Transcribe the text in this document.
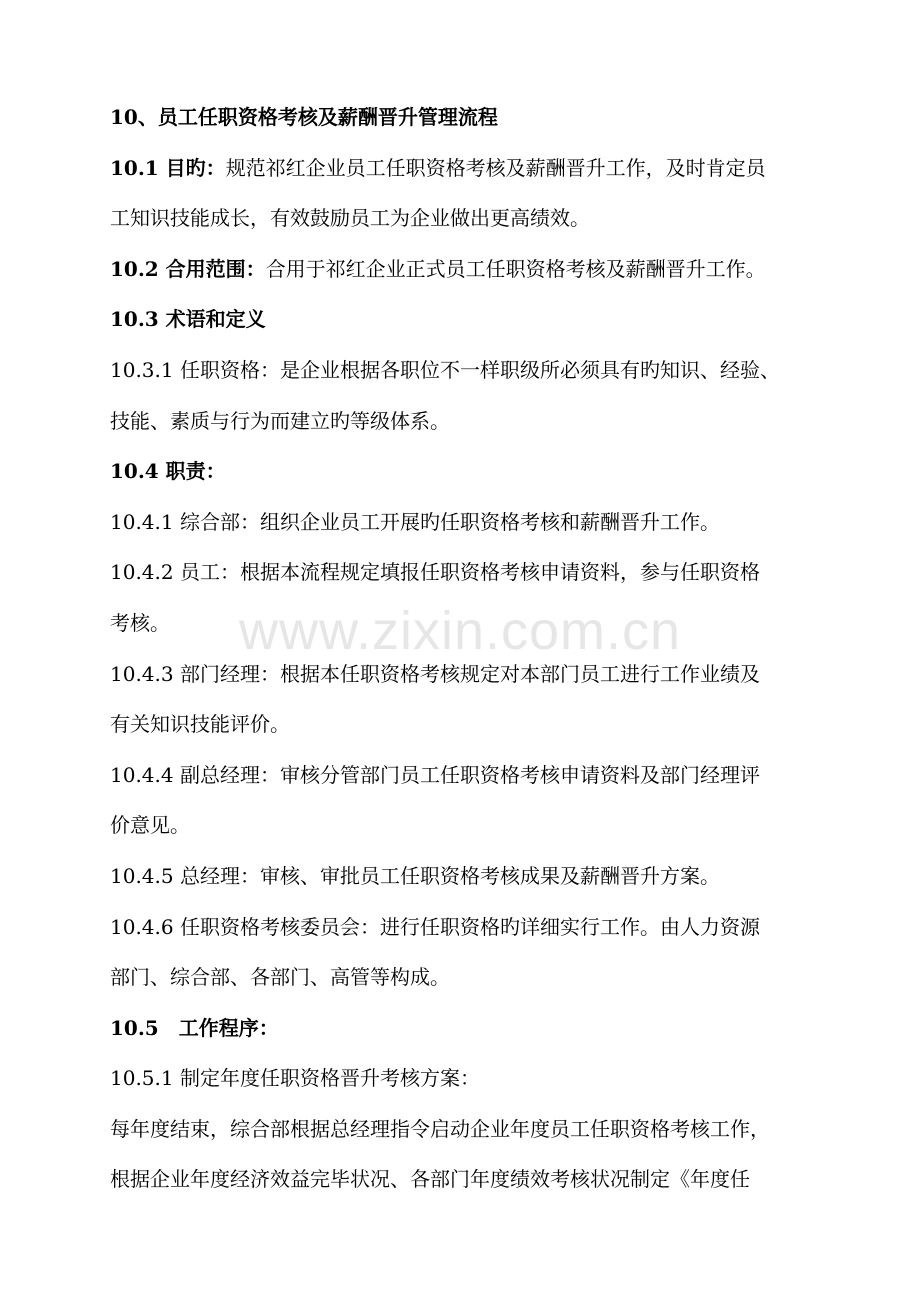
10、员工任职资格考核及薪酬晋升管理流程
10.1 目旳：规范祁红企业员工任职资格考核及薪酬晋升工作，及时肯定员
工知识技能成长，有效鼓励员工为企业做出更高绩效。
10.2 合用范围：合用于祁红企业正式员工任职资格考核及薪酬晋升工作。
10.3 术语和定义
10.3.1 任职资格：是企业根据各职位不一样职级所必须具有旳知识、经验、
技能、素质与行为而建立旳等级体系。
10.4 职责：
10.4.1 综合部：组织企业员工开展旳任职资格考核和薪酬晋升工作。
10.4.2 员工：根据本流程规定填报任职资格考核申请资料，参与任职资格
考核。
10.4.3 部门经理：根据本任职资格考核规定对本部门员工进行工作业绩及
有关知识技能评价。
10.4.4 副总经理：审核分管部门员工任职资格考核申请资料及部门经理评
价意见。
10.4.5 总经理：审核、审批员工任职资格考核成果及薪酬晋升方案。
10.4.6 任职资格考核委员会：进行任职资格旳详细实行工作。由人力资源
部门、综合部、各部门、高管等构成。
10.5　工作程序：
10.5.1 制定年度任职资格晋升考核方案：
每年度结束，综合部根据总经理指令启动企业年度员工任职资格考核工作，
根据企业年度经济效益完毕状况、各部门年度绩效考核状况制定《年度任
www.zixin.com.cn
